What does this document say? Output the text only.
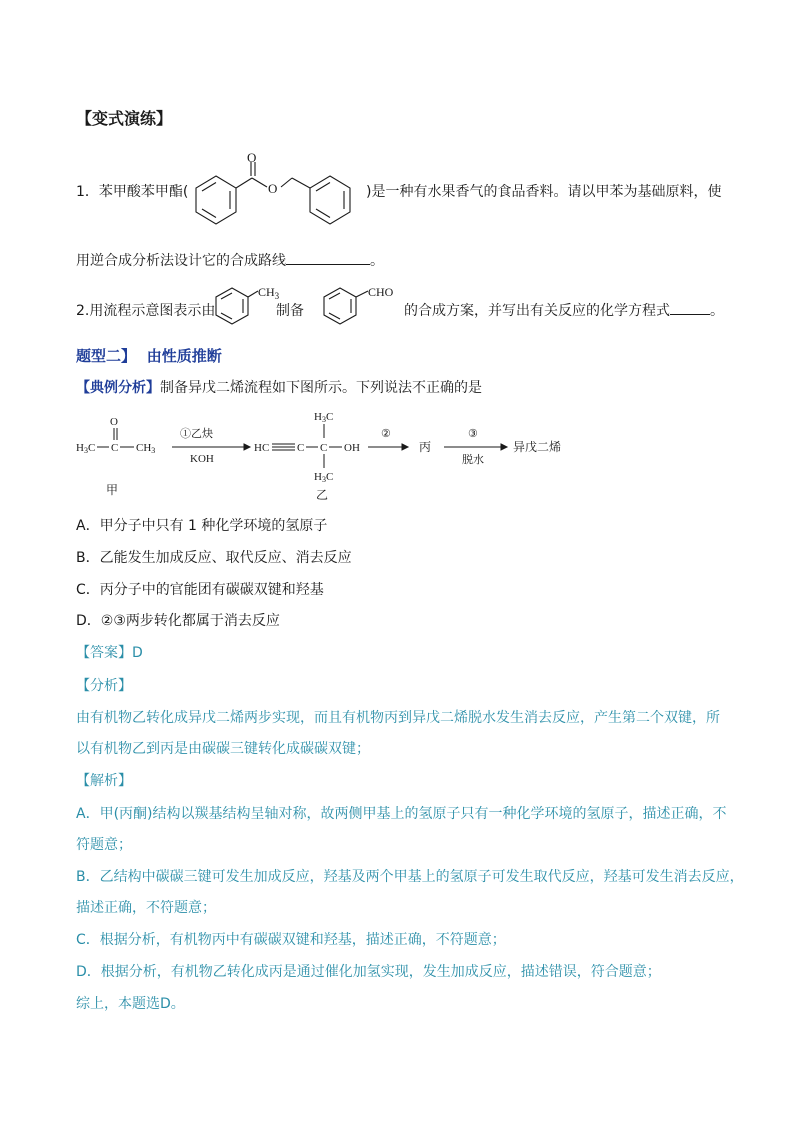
【变式演练】
1．苯甲酸苯甲酯(
O
O	)是一种有水果香气的食品香料。请以甲苯为基础原料，使
用逆合成分析法设计它的合成路线	。
2.用流程示意图表示由
$CH_3$
制备
CHO
的合成方案，并写出有关反应的化学方程式	。
题型二】 由性质推断
【典例分析】制备异戊二烯流程如下图所示。下列说法不正确的是
O
H3C C CH3
甲
①乙炔
KOH
HC	C C OH
H3C
H3C
乙
②
丙
③
脱水
异戊二烯
A．甲分子中只有 1 种化学环境的氢原子
B．乙能发生加成反应、取代反应、消去反应
C．丙分子中的官能团有碳碳双键和羟基
D．②③两步转化都属于消去反应
【答案】D
【分析】
由有机物乙转化成异戊二烯两步实现，而且有机物丙到异戊二烯脱水发生消去反应，产生第二个双键，所
以有机物乙到丙是由碳碳三键转化成碳碳双键；
【解析】
A．甲(丙酮)结构以羰基结构呈轴对称，故两侧甲基上的氢原子只有一种化学环境的氢原子，描述正确，不
符题意；
B．乙结构中碳碳三键可发生加成反应，羟基及两个甲基上的氢原子可发生取代反应，羟基可发生消去反应，
描述正确，不符题意；
C．根据分析，有机物丙中有碳碳双键和羟基，描述正确，不符题意；
D．根据分析，有机物乙转化成丙是通过催化加氢实现，发生加成反应，描述错误，符合题意；
综上，本题选D。
